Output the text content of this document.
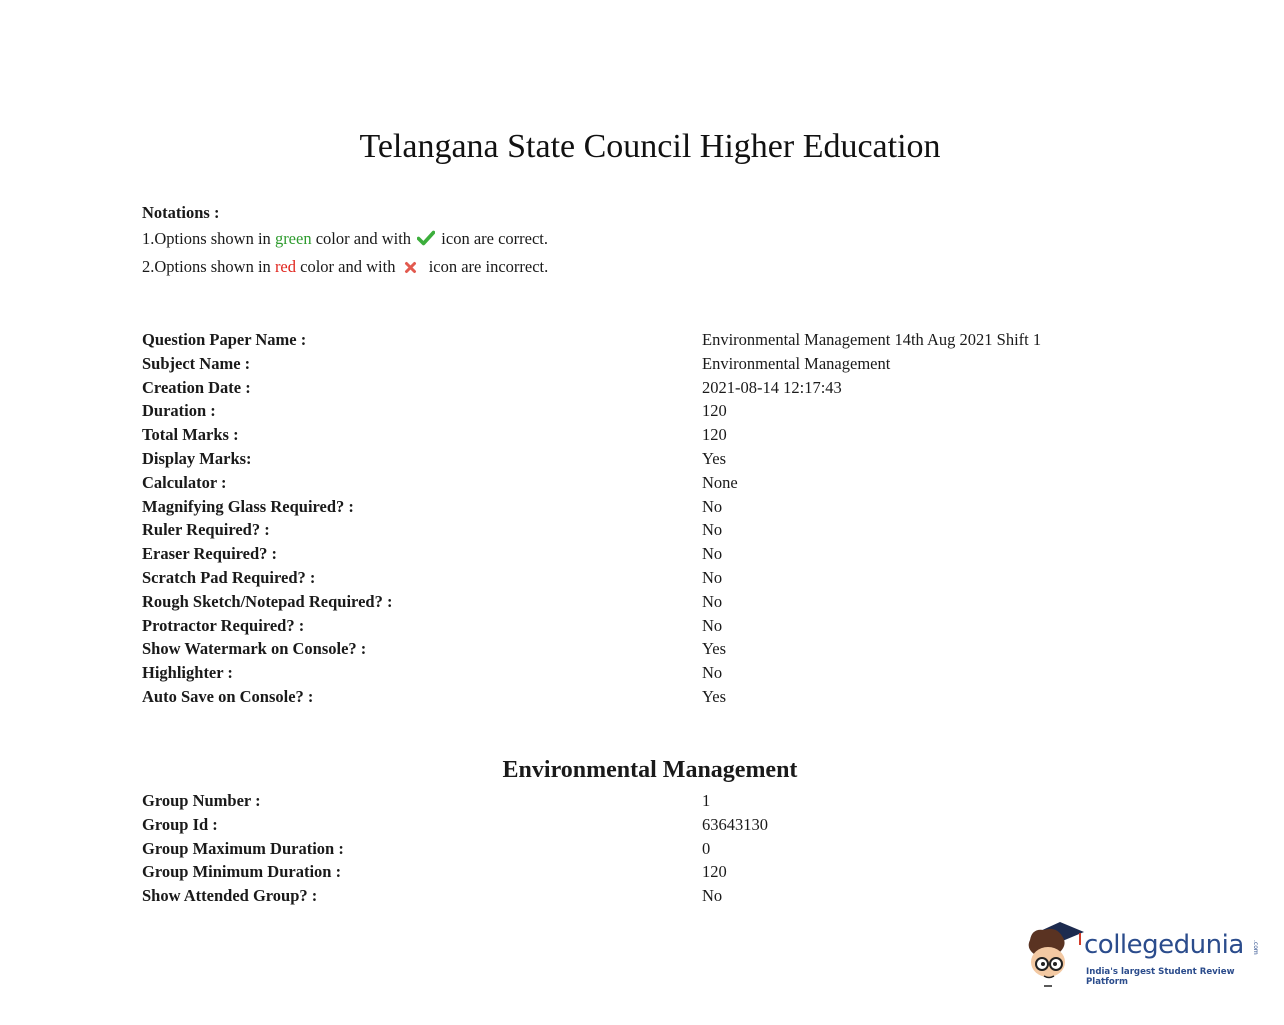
Telangana State Council Higher Education
Notations :
1.Options shown in green color and with  icon are correct.
2.Options shown in red color and with  icon are incorrect.
Question Paper Name :	Environmental Management 14th Aug 2021 Shift 1
Subject Name :	Environmental Management
Creation Date :	2021-08-14 12:17:43
Duration :	120
Total Marks :	120
Display Marks:	Yes
Calculator :	None
Magnifying Glass Required? :	No
Ruler Required? :	No
Eraser Required? :	No
Scratch Pad Required? :	No
Rough Sketch/Notepad Required? :	No
Protractor Required? :	No
Show Watermark on Console? :	Yes
Highlighter :	No
Auto Save on Console? :	Yes
Environmental Management
Group Number :	1
Group Id :	63643130
Group Maximum Duration :	0
Group Minimum Duration :	120
Show Attended Group? :	No
collegedunia .com
India's largest Student Review Platform
